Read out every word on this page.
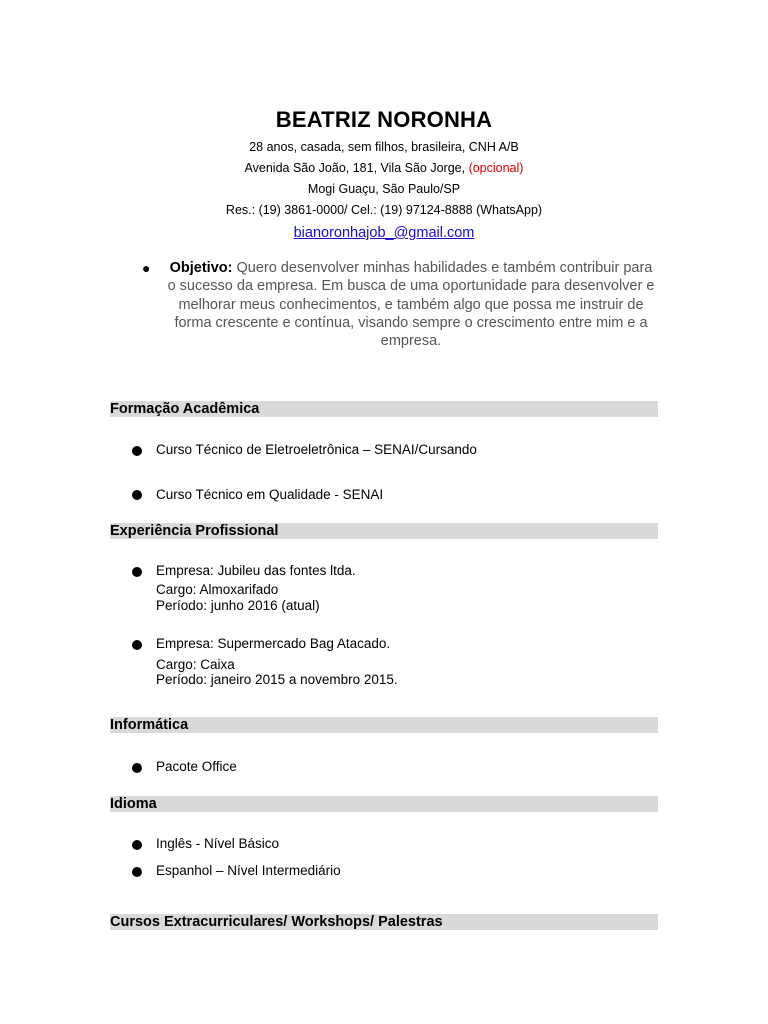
BEATRIZ NORONHA
28 anos, casada, sem filhos, brasileira, CNH A/B
Avenida São João, 181, Vila São Jorge, (opcional)
Mogi Guaçu, São Paulo/SP
Res.: (19) 3861-0000/ Cel.: (19) 97124-8888 (WhatsApp)
bianoronhajob_@gmail.com
● Objetivo: Quero desenvolver minhas habilidades e também contribuir para o sucesso da empresa. Em busca de uma oportunidade para desenvolver e melhorar meus conhecimentos, e também algo que possa me instruir de forma crescente e contínua, visando sempre o crescimento entre mim e a empresa.
Formação Acadêmica
Curso Técnico de Eletroeletrônica – SENAI/Cursando
Curso Técnico em Qualidade - SENAI
Experiência Profissional
Empresa: Jubileu das fontes ltda.
Cargo: Almoxarifado
Período: junho 2016 (atual)
Empresa: Supermercado Bag Atacado.
Cargo: Caixa
Período: janeiro 2015 a novembro 2015.
Informática
Pacote Office
Idioma
Inglês - Nível Básico
Espanhol – Nível Intermediário
Cursos Extracurriculares/ Workshops/ Palestras
